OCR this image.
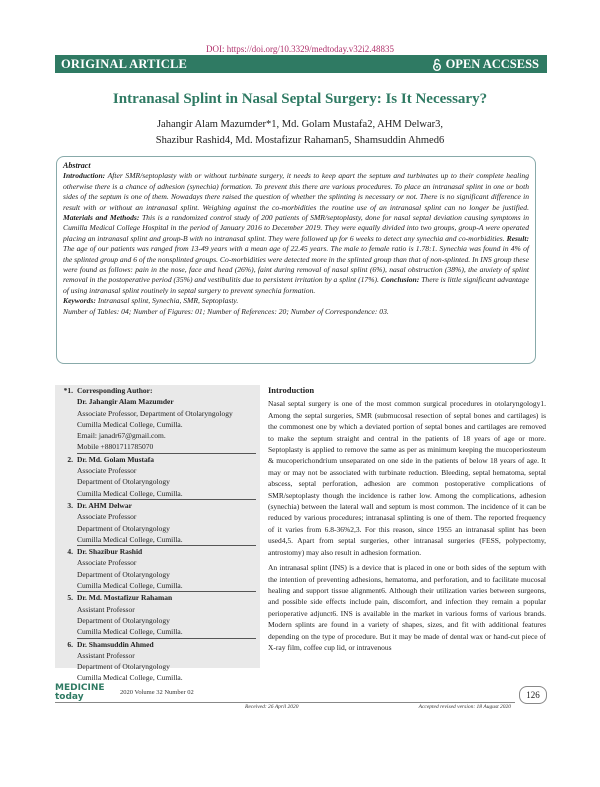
DOI: https://doi.org/10.3329/medtoday.v32i2.48835
ORIGINAL ARTICLE	OPEN ACCSESS
Intranasal Splint in Nasal Septal Surgery: Is It Necessary?
Jahangir Alam Mazumder*1, Md. Golam Mustafa2, AHM Delwar3,
Shazibur Rashid4, Md. Mostafizur Rahaman5, Shamsuddin Ahmed6
Abstract
Introduction: After SMR/septoplasty with or without turbinate surgery, it needs to keep apart the septum and turbinates up to their complete healing otherwise there is a chance of adhesion (synechia) formation. To prevent this there are various procedures. To place an intranasal splint in one or both sides of the septum is one of them. Nowadays there raised the question of whether the splinting is necessary or not. There is no significant difference in result with or without an intranasal splint. Weighing against the co-morbidities the routine use of an intranasal splint can no longer be justified. Materials and Methods: This is a randomized control study of 200 patients of SMR/septoplasty, done for nasal septal deviation causing symptoms in Cumilla Medical College Hospital in the period of January 2016 to December 2019. They were equally divided into two groups, group-A were operated placing an intranasal splint and group-B with no intranasal splint. They were followed up for 6 weeks to detect any synechia and co-morbidities. Result: The age of our patients was ranged from 13-49 years with a mean age of 22.45 years. The male to female ratio is 1.78:1. Synechia was found in 4% of the splinted group and 6 of the nonsplinted groups. Co-morbidities were detected more in the splinted group than that of non-splinted. In INS group these were found as follows: pain in the nose, face and head (26%), faint during removal of nasal splint (6%), nasal obstruction (38%), the anxiety of splint removal in the postoperative period (35%) and vestibulitis due to persistent irritation by a splint (17%). Conclusion: There is little significant advantage of using intranasal splint routinely in septal surgery to prevent synechia formation.
Keywords: Intranasal splint, Synechia, SMR, Septoplasty.
Number of Tables: 04; Number of Figures: 01; Number of References: 20; Number of Correspondence: 03.
*1. Corresponding Author:
Dr. Jahangir Alam Mazumder
Associate Professor, Department of Otolaryngology
Cumilla Medical College, Cumilla.
Email: janadr67@gmail.com.
Mobile +8801711785070
2. Dr. Md. Golam Mustafa
Associate Professor
Department of Otolaryngology
Cumilla Medical College, Cumilla.
3. Dr. AHM Delwar
Associate Professor
Department of Otolaryngology
Cumilla Medical College, Cumilla.
4. Dr. Shazibur Rashid
Associate Professor
Department of Otolaryngology
Cumilla Medical College, Cumilla.
5. Dr. Md. Mostafizur Rahaman
Assistant Professor
Department of Otolaryngology
Cumilla Medical College, Cumilla.
6. Dr. Shamsuddin Ahmed
Assistant Professor
Department of Otolaryngology
Cumilla Medical College, Cumilla.
Introduction

Nasal septal surgery is one of the most common surgical procedures in otolaryngology1. Among the septal surgeries, SMR (submucosal resection of septal bones and cartilages) is the commonest one by which a deviated portion of septal bones and cartilages are removed to make the septum straight and central in the patients of 18 years of age or more. Septoplasty is applied to remove the same as per as minimum keeping the mucoperiosteum & mucoperichondrium unseparated on one side in the patients of below 18 years of age. It may or may not be associated with turbinate reduction. Bleeding, septal hematoma, septal abscess, septal perforation, adhesion are common postoperative complications of SMR/septoplasty though the incidence is rather low. Among the complications, adhesion (synechia) between the lateral wall and septum is most common. The incidence of it can be reduced by various procedures; intranasal splinting is one of them. The reported frequency of it varies from 6.8-36%2,3. For this reason, since 1955 an intranasal splint has been used4,5. Apart from septal surgeries, other intranasal surgeries (FESS, polypectomy, antrostomy) may also result in adhesion formation.

An intranasal splint (INS) is a device that is placed in one or both sides of the septum with the intention of preventing adhesions, hematoma, and perforation, and to facilitate mucosal healing and support tissue alignment6. Although their utilization varies between surgeons, and possible side effects include pain, discomfort, and infection they remain a popular perioperative adjunct6. INS is available in the market in various forms of various brands. Modern splints are found in a variety of shapes, sizes, and fit with additional features depending on the type of procedure. But it may be made of dental wax or hand-cut piece of X-ray film, coffee cup lid, or intravenous

MEDICINE
today	2020 Volume 32 Number 02
Received: 26 April 2020	Accepted revised version: 18 August 2020
126
